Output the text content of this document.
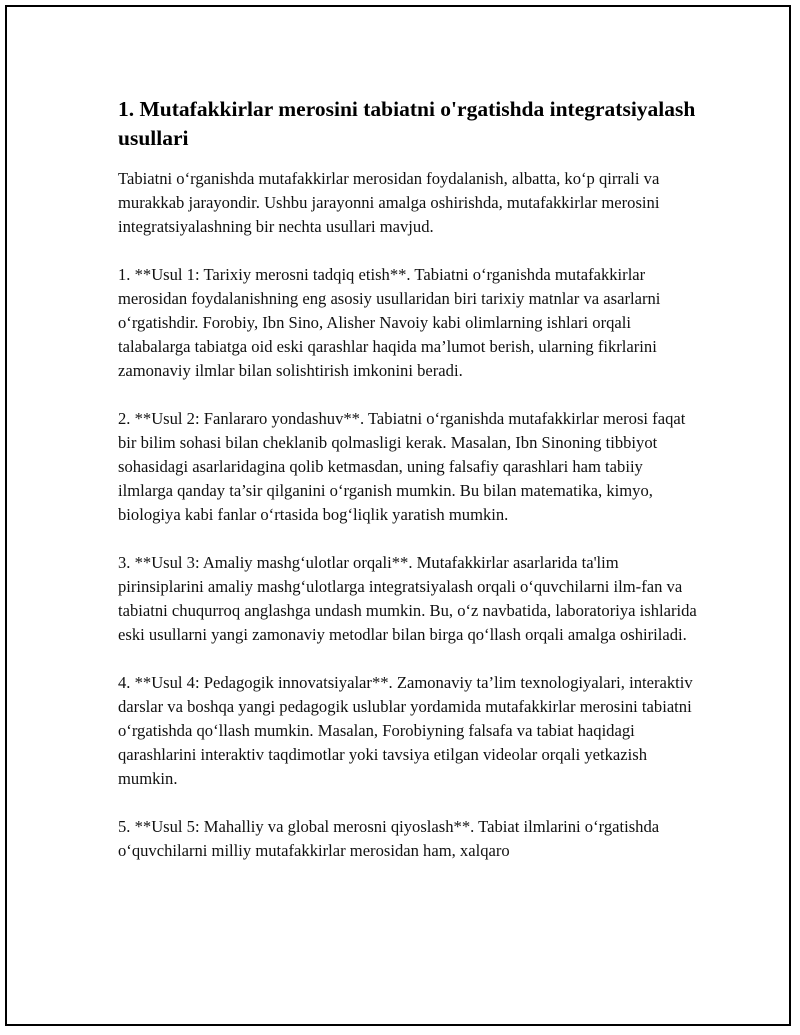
1. Mutafakkirlar merosini tabiatni o'rgatishda integratsiyalash usullari

Tabiatni o‘rganishda mutafakkirlar merosidan foydalanish, albatta, ko‘p qirrali va murakkab jarayondir. Ushbu jarayonni amalga oshirishda, mutafakkirlar merosini integratsiyalashning bir nechta usullari mavjud.

1. **Usul 1: Tarixiy merosni tadqiq etish**. Tabiatni o‘rganishda mutafakkirlar merosidan foydalanishning eng asosiy usullaridan biri tarixiy matnlar va asarlarni o‘rgatishdir. Forobiy, Ibn Sino, Alisher Navoiy kabi olimlarning ishlari orqali talabalarga tabiatga oid eski qarashlar haqida ma’lumot berish, ularning fikrlarini zamonaviy ilmlar bilan solishtirish imkonini beradi.

2. **Usul 2: Fanlararo yondashuv**. Tabiatni o‘rganishda mutafakkirlar merosi faqat bir bilim sohasi bilan cheklanib qolmasligi kerak. Masalan, Ibn Sinoning tibbiyot sohasidagi asarlaridagina qolib ketmasdan, uning falsafiy qarashlari ham tabiiy ilmlarga qanday ta’sir qilganini o‘rganish mumkin. Bu bilan matematika, kimyo, biologiya kabi fanlar o‘rtasida bog‘liqlik yaratish mumkin.

3. **Usul 3: Amaliy mashg‘ulotlar orqali**. Mutafakkirlar asarlarida ta'lim pirinsiplarini amaliy mashg‘ulotlarga integratsiyalash orqali o‘quvchilarni ilm-fan va tabiatni chuqurroq anglashga undash mumkin. Bu, o‘z navbatida, laboratoriya ishlarida eski usullarni yangi zamonaviy metodlar bilan birga qo‘llash orqali amalga oshiriladi.

4. **Usul 4: Pedagogik innovatsiyalar**. Zamonaviy ta’lim texnologiyalari, interaktiv darslar va boshqa yangi pedagogik uslublar yordamida mutafakkirlar merosini tabiatni o‘rgatishda qo‘llash mumkin. Masalan, Forobiyning falsafa va tabiat haqidagi qarashlarini interaktiv taqdimotlar yoki tavsiya etilgan videolar orqali yetkazish mumkin.

5. **Usul 5: Mahalliy va global merosni qiyoslash**. Tabiat ilmlarini o‘rgatishda o‘quvchilarni milliy mutafakkirlar merosidan ham, xalqaro
